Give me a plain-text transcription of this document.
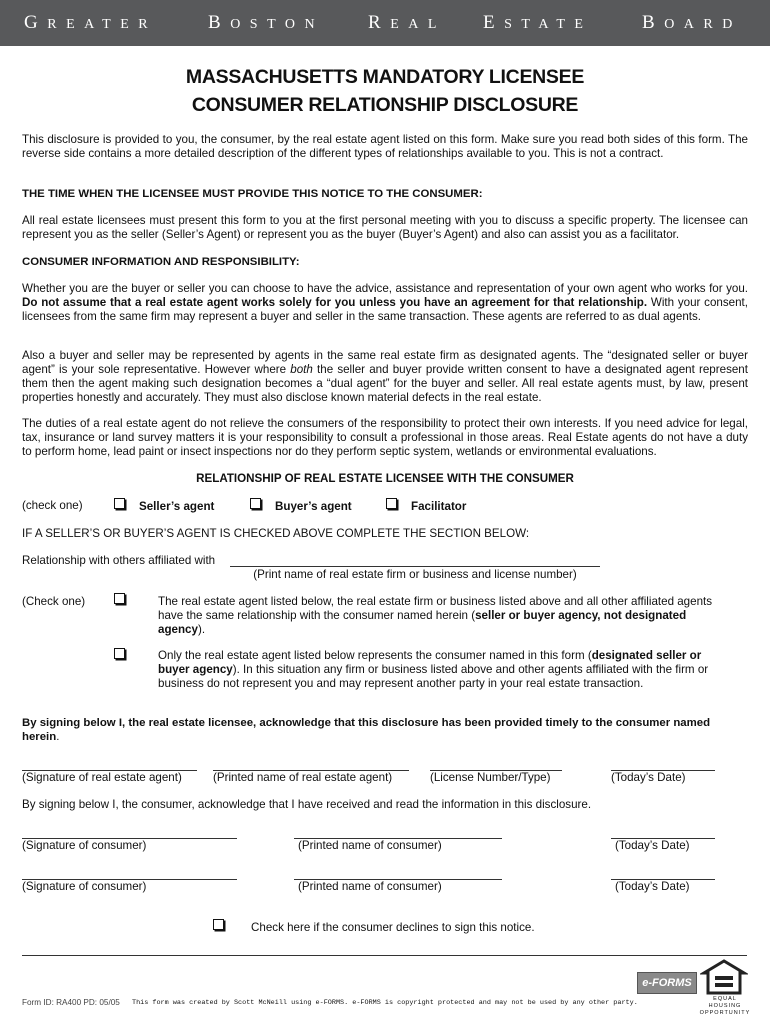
GREATER	BOSTON REAL ESTATE	BOARD
MASSACHUSETTS MANDATORY LICENSEE
CONSUMER RELATIONSHIP DISCLOSURE
This disclosure is provided to you, the consumer, by the real estate agent listed on this form. Make sure you read both sides of this form. The reverse side contains a more detailed description of the different types of relationships available to you. This is not a contract.
THE TIME WHEN THE LICENSEE MUST PROVIDE THIS NOTICE TO THE CONSUMER:
All real estate licensees must present this form to you at the first personal meeting with you to discuss a specific property. The licensee can represent you as the seller (Seller’s Agent) or represent you as the buyer (Buyer’s Agent) and also can assist you as a facilitator.
CONSUMER INFORMATION AND RESPONSIBILITY:
Whether you are the buyer or seller you can choose to have the advice, assistance and representation of your own agent who works for you. Do not assume that a real estate agent works solely for you unless you have an agreement for that relationship. With your consent, licensees from the same firm may represent a buyer and seller in the same transaction. These agents are referred to as dual agents.
Also a buyer and seller may be represented by agents in the same real estate firm as designated agents. The “designated seller or buyer agent” is your sole representative. However where both the seller and buyer provide written consent to have a designated agent represent them then the agent making such designation becomes a “dual agent” for the buyer and seller. All real estate agents must, by law, present properties honestly and accurately. They must also disclose known material defects in the real estate.
The duties of a real estate agent do not relieve the consumers of the responsibility to protect their own interests. If you need advice for legal, tax, insurance or land survey matters it is your responsibility to consult a professional in those areas. Real Estate agents do not have a duty to perform home, lead paint or insect inspections nor do they perform septic system, wetlands or environmental evaluations.
RELATIONSHIP OF REAL ESTATE LICENSEE WITH THE CONSUMER
(check one)	Seller’s agent	Buyer’s agent	Facilitator
IF A SELLER’S OR BUYER’S AGENT IS CHECKED ABOVE COMPLETE THE SECTION BELOW:
Relationship with others affiliated with
(Print name of real estate firm or business and license number)
(Check one)	The real estate agent listed below, the real estate firm or business listed above and all other affiliated agents have the same relationship with the consumer named herein (seller or buyer agency, not designated agency).
Only the real estate agent listed below represents the consumer named in this form (designated seller or buyer agency). In this situation any firm or business listed above and other agents affiliated with the firm or business do not represent you and may represent another party in your real estate transaction.
By signing below I, the real estate licensee, acknowledge that this disclosure has been provided timely to the consumer named herein.
(Signature of real estate agent)	(Printed name of real estate agent)	(License Number/Type)	(Today’s Date)
By signing below I, the consumer, acknowledge that I have received and read the information in this disclosure.
(Signature of consumer)	(Printed name of consumer)	(Today’s Date)
(Signature of consumer)	(Printed name of consumer)	(Today’s Date)
Check here if the consumer declines to sign this notice.
e-FORMS
EQUAL HOUSING
OPPORTUNITY
Form ID: RA400 PD: 05/05 This form was created by Scott McNeill using e-FORMS. e-FORMS is copyright protected and may not be used by any other party.
